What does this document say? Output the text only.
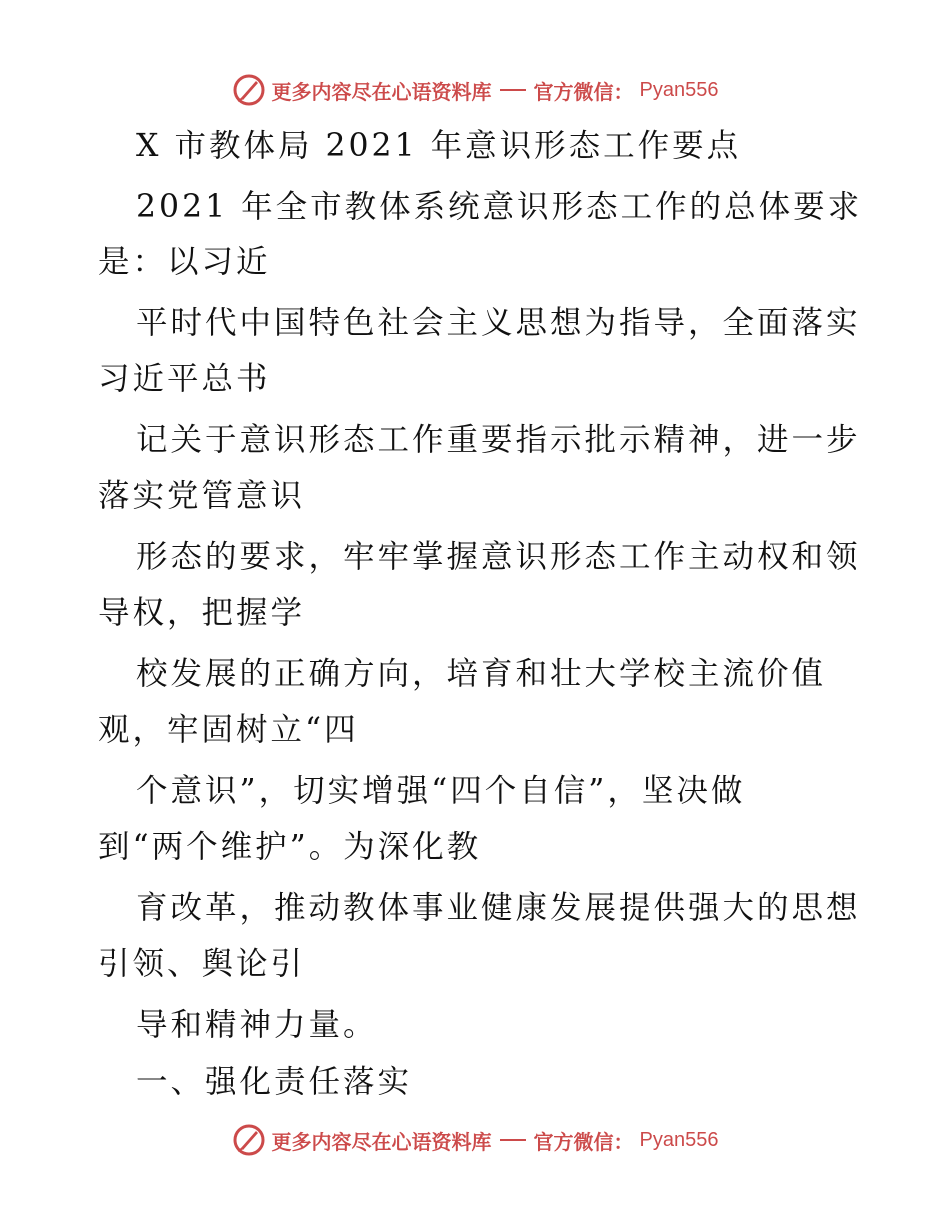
更多内容尽在心语资料库 官方微信： Pyan556
X 市教体局 2021 年意识形态工作要点
2021 年全市教体系统意识形态工作的总体要求
是：以习近
平时代中国特色社会主义思想为指导，全面落实
习近平总书
记关于意识形态工作重要指示批示精神，进一步
落实党管意识
形态的要求，牢牢掌握意识形态工作主动权和领
导权，把握学
校发展的正确方向，培育和壮大学校主流价值
观，牢固树立“四
个意识”，切实增强“四个自信”，坚决做
到“两个维护”。为深化教
育改革，推动教体事业健康发展提供强大的思想
引领、舆论引
导和精神力量。
一、强化责任落实
更多内容尽在心语资料库 官方微信： Pyan556
